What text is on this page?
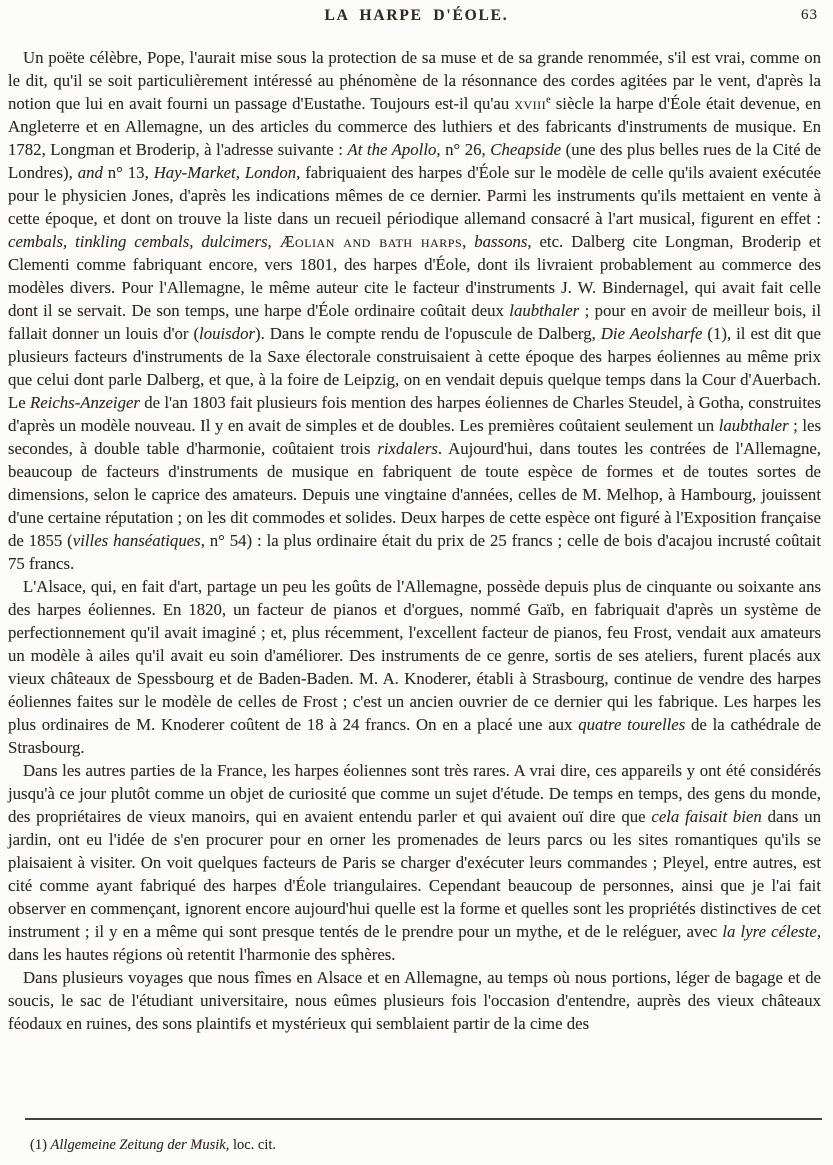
LA HARPE D'ÉOLE.	63

Un poëte célèbre, Pope, l'aurait mise sous la protection de sa muse et de sa grande renommée, s'il est vrai, comme on le dit, qu'il se soit particulièrement intéressé au phénomène de la résonnance des cordes agitées par le vent, d'après la notion que lui en avait fourni un passage d'Eustathe. Toujours est-il qu'au xviii$^e$ siècle la harpe d'Éole était devenue, en Angleterre et en Allemagne, un des articles du commerce des luthiers et des fabricants d'instruments de musique. En 1782, Longman et Broderip, à l'adresse suivante : At the Apollo, n° 26, Cheapside (une des plus belles rues de la Cité de Londres), and n° 13, Hay-Market, London, fabriquaient des harpes d'Éole sur le modèle de celle qu'ils avaient exécutée pour le physicien Jones, d'après les indications mêmes de ce dernier. Parmi les instruments qu'ils mettaient en vente à cette époque, et dont on trouve la liste dans un recueil périodique allemand consacré à l'art musical, figurent en effet : cembals, tinkling cembals, dulcimers, Æolian and bath harps, bassons, etc. Dalberg cite Longman, Broderip et Clementi comme fabriquant encore, vers 1801, des harpes d'Éole, dont ils livraient probablement au commerce des modèles divers. Pour l'Allemagne, le même auteur cite le facteur d'instruments J. W. Bindernagel, qui avait fait celle dont il se servait. De son temps, une harpe d'Éole ordinaire coûtait deux laubthaler ; pour en avoir de meilleur bois, il fallait donner un louis d'or (louisdor). Dans le compte rendu de l'opuscule de Dalberg, Die Aeolsharfe (1), il est dit que plusieurs facteurs d'instruments de la Saxe électorale construisaient à cette époque des harpes éoliennes au même prix que celui dont parle Dalberg, et que, à la foire de Leipzig, on en vendait depuis quelque temps dans la Cour d'Auerbach. Le Reichs-Anzeiger de l'an 1803 fait plusieurs fois mention des harpes éoliennes de Charles Steudel, à Gotha, construites d'après un modèle nouveau. Il y en avait de simples et de doubles. Les premières coûtaient seulement un laubthaler ; les secondes, à double table d'harmonie, coûtaient trois rixdalers. Aujourd'hui, dans toutes les contrées de l'Allemagne, beaucoup de facteurs d'instruments de musique en fabriquent de toute espèce de formes et de toutes sortes de dimensions, selon le caprice des amateurs. Depuis une vingtaine d'années, celles de M. Melhop, à Hambourg, jouissent d'une certaine réputation ; on les dit commodes et solides. Deux harpes de cette espèce ont figuré à l'Exposition française de 1855 (villes hanséatiques, n° 54) : la plus ordinaire était du prix de 25 francs ; celle de bois d'acajou incrusté coûtait 75 francs.

L'Alsace, qui, en fait d'art, partage un peu les goûts de l'Allemagne, possède depuis plus de cinquante ou soixante ans des harpes éoliennes. En 1820, un facteur de pianos et d'orgues, nommé Gaïb, en fabriquait d'après un système de perfectionnement qu'il avait imaginé ; et, plus récemment, l'excellent facteur de pianos, feu Frost, vendait aux amateurs un modèle à ailes qu'il avait eu soin d'améliorer. Des instruments de ce genre, sortis de ses ateliers, furent placés aux vieux châteaux de Spessbourg et de Baden-Baden. M. A. Knoderer, établi à Strasbourg, continue de vendre des harpes éoliennes faites sur le modèle de celles de Frost ; c'est un ancien ouvrier de ce dernier qui les fabrique. Les harpes les plus ordinaires de M. Knoderer coûtent de 18 à 24 francs. On en a placé une aux quatre tourelles de la cathédrale de Strasbourg.

Dans les autres parties de la France, les harpes éoliennes sont très rares. A vrai dire, ces appareils y ont été considérés jusqu'à ce jour plutôt comme un objet de curiosité que comme un sujet d'étude. De temps en temps, des gens du monde, des propriétaires de vieux manoirs, qui en avaient entendu parler et qui avaient ouï dire que cela faisait bien dans un jardin, ont eu l'idée de s'en procurer pour en orner les promenades de leurs parcs ou les sites romantiques qu'ils se plaisaient à visiter. On voit quelques facteurs de Paris se charger d'exécuter leurs commandes ; Pleyel, entre autres, est cité comme ayant fabriqué des harpes d'Éole triangulaires. Cependant beaucoup de personnes, ainsi que je l'ai fait observer en commençant, ignorent encore aujourd'hui quelle est la forme et quelles sont les propriétés distinctives de cet instrument ; il y en a même qui sont presque tentés de le prendre pour un mythe, et de le reléguer, avec la lyre céleste, dans les hautes régions où retentit l'harmonie des sphères.

Dans plusieurs voyages que nous fîmes en Alsace et en Allemagne, au temps où nous portions, léger de bagage et de soucis, le sac de l'étudiant universitaire, nous eûmes plusieurs fois l'occasion d'entendre, auprès des vieux châteaux féodaux en ruines, des sons plaintifs et mystérieux qui semblaient partir de la cime des

(1) Allgemeine Zeitung der Musik, loc. cit.
